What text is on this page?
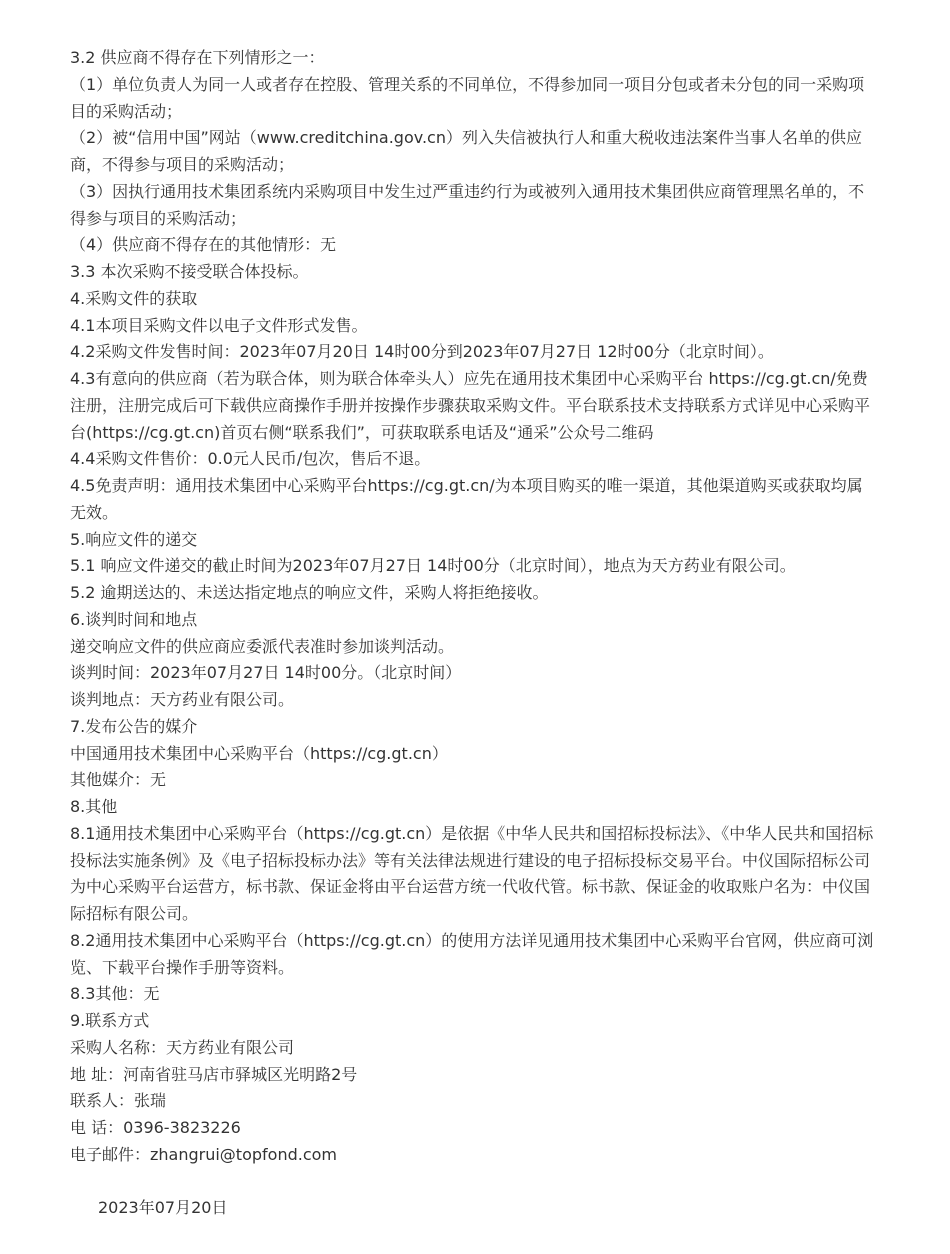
3.2 供应商不得存在下列情形之一：

（1）单位负责人为同一人或者存在控股、管理关系的不同单位，不得参加同一项目分包或者未分包的同一采购项目的采购活动；

（2）被“信用中国”网站（www.creditchina.gov.cn）列入失信被执行人和重大税收违法案件当事人名单的供应商，不得参与项目的采购活动；

（3）因执行通用技术集团系统内采购项目中发生过严重违约行为或被列入通用技术集团供应商管理黑名单的，不得参与项目的采购活动；

（4）供应商不得存在的其他情形：无

3.3 本次采购不接受联合体投标。

4.采购文件的获取

4.1本项目采购文件以电子文件形式发售。

4.2采购文件发售时间：2023年07月20日 14时00分到2023年07月27日 12时00分（北京时间）。

4.3有意向的供应商（若为联合体，则为联合体牵头人）应先在通用技术集团中心采购平台 https://cg.gt.cn/免费注册，注册完成后可下载供应商操作手册并按操作步骤获取采购文件。平台联系技术支持联系方式详见中心采购平台(https://cg.gt.cn)首页右侧“联系我们”，可获取联系电话及“通采”公众号二维码

4.4采购文件售价：0.0元人民币/包次，售后不退。

4.5免责声明：通用技术集团中心采购平台https://cg.gt.cn/为本项目购买的唯一渠道，其他渠道购买或获取均属无效。

5.响应文件的递交

5.1 响应文件递交的截止时间为2023年07月27日 14时00分（北京时间），地点为天方药业有限公司。

5.2 逾期送达的、未送达指定地点的响应文件，采购人将拒绝接收。

6.谈判时间和地点

递交响应文件的供应商应委派代表准时参加谈判活动。

谈判时间：2023年07月27日 14时00分。（北京时间）

谈判地点：天方药业有限公司。

7.发布公告的媒介

中国通用技术集团中心采购平台（https://cg.gt.cn）

其他媒介：无

8.其他

8.1通用技术集团中心采购平台（https://cg.gt.cn）是依据《中华人民共和国招标投标法》、《中华人民共和国招标投标法实施条例》及《电子招标投标办法》等有关法律法规进行建设的电子招标投标交易平台。中仪国际招标公司为中心采购平台运营方，标书款、保证金将由平台运营方统一代收代管。标书款、保证金的收取账户名为：中仪国际招标有限公司。

8.2通用技术集团中心采购平台（https://cg.gt.cn）的使用方法详见通用技术集团中心采购平台官网，供应商可浏览、下载平台操作手册等资料。

8.3其他：无

9.联系方式

采购人名称：天方药业有限公司

地 址：河南省驻马店市驿城区光明路2号

联系人：张瑞

电 话：0396-3823226

电子邮件：zhangrui@topfond.com

2023年07月20日
